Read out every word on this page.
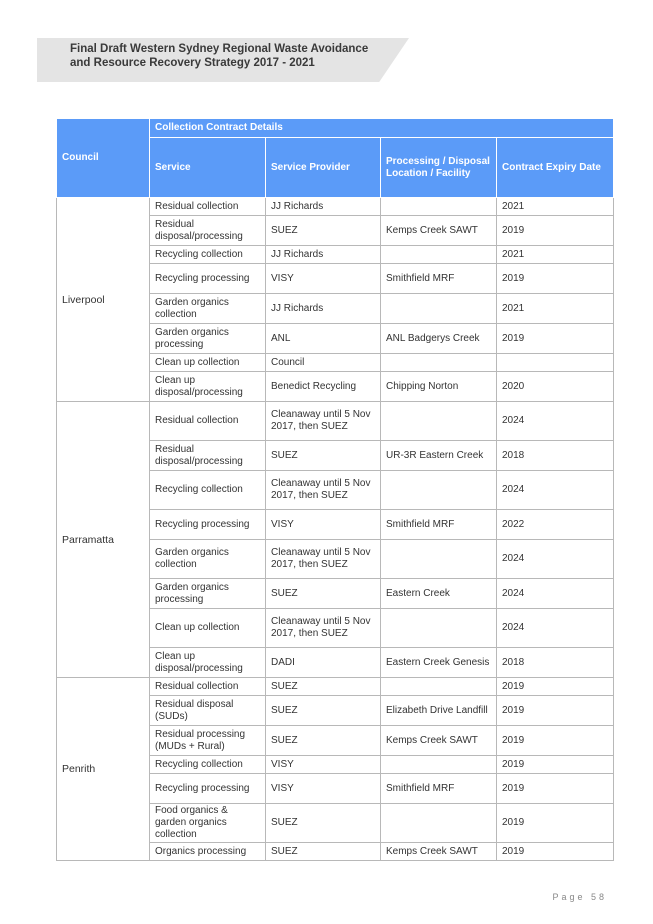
Final Draft Western Sydney Regional Waste Avoidance
and Resource Recovery Strategy 2017 - 2021
Council	Collection Contract Details			
	Service	Service Provider	Processing / Disposal Location / Facility	Contract Expiry Date
Liverpool	Residual collection	JJ Richards		2021
	Residual disposal/processing	SUEZ	Kemps Creek SAWT	2019
	Recycling collection	JJ Richards		2021
	Recycling processing	VISY	Smithfield MRF	2019
	Garden organics collection	JJ Richards		2021
	Garden organics processing	ANL	ANL Badgerys Creek	2019
	Clean up collection	Council		
	Clean up disposal/processing	Benedict Recycling	Chipping Norton	2020
Parramatta	Residual collection	Cleanaway until 5 Nov 2017, then SUEZ		2024
	Residual disposal/processing	SUEZ	UR-3R Eastern Creek	2018
	Recycling collection	Cleanaway until 5 Nov 2017, then SUEZ		2024
	Recycling processing	VISY	Smithfield MRF	2022
	Garden organics collection	Cleanaway until 5 Nov 2017, then SUEZ		2024
	Garden organics processing	SUEZ	Eastern Creek	2024
	Clean up collection	Cleanaway until 5 Nov 2017, then SUEZ		2024
	Clean up disposal/processing	DADI	Eastern Creek Genesis	2018
Penrith	Residual collection	SUEZ		2019
	Residual disposal (SUDs)	SUEZ	Elizabeth Drive Landfill	2019
	Residual processing (MUDs + Rural)	SUEZ	Kemps Creek SAWT	2019
	Recycling collection	VISY		2019
	Recycling processing	VISY	Smithfield MRF	2019
	Food organics & garden organics collection	SUEZ		2019
	Organics processing	SUEZ	Kemps Creek SAWT	2019
Page 58
